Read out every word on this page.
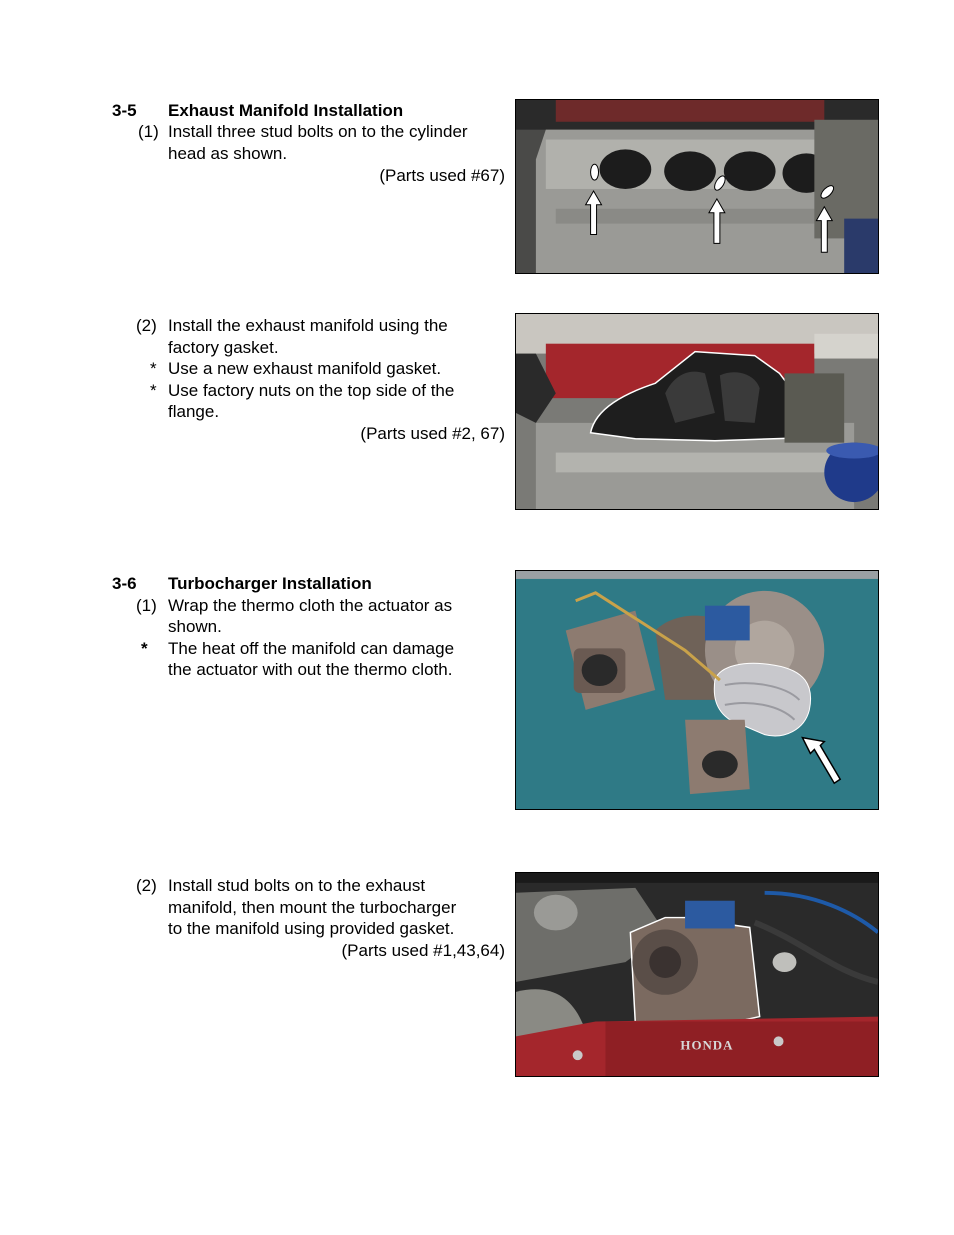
3-5 Exhaust Manifold Installation
(1) Install three stud bolts on to the cylinder
head as shown.
(Parts used #67)
(2) Install the exhaust manifold using the
factory gasket.
* Use a new exhaust manifold gasket.
* Use factory nuts on the top side of the
flange.
(Parts used #2, 67)
3-6 Turbocharger Installation
(1) Wrap the thermo cloth the actuator as
shown.
* The heat off the manifold can damage
the actuator with out the thermo cloth.
(2) Install stud bolts on to the exhaust
manifold, then mount the turbocharger
to the manifold using provided gasket.
(Parts used #1,43,64)
HONDA
